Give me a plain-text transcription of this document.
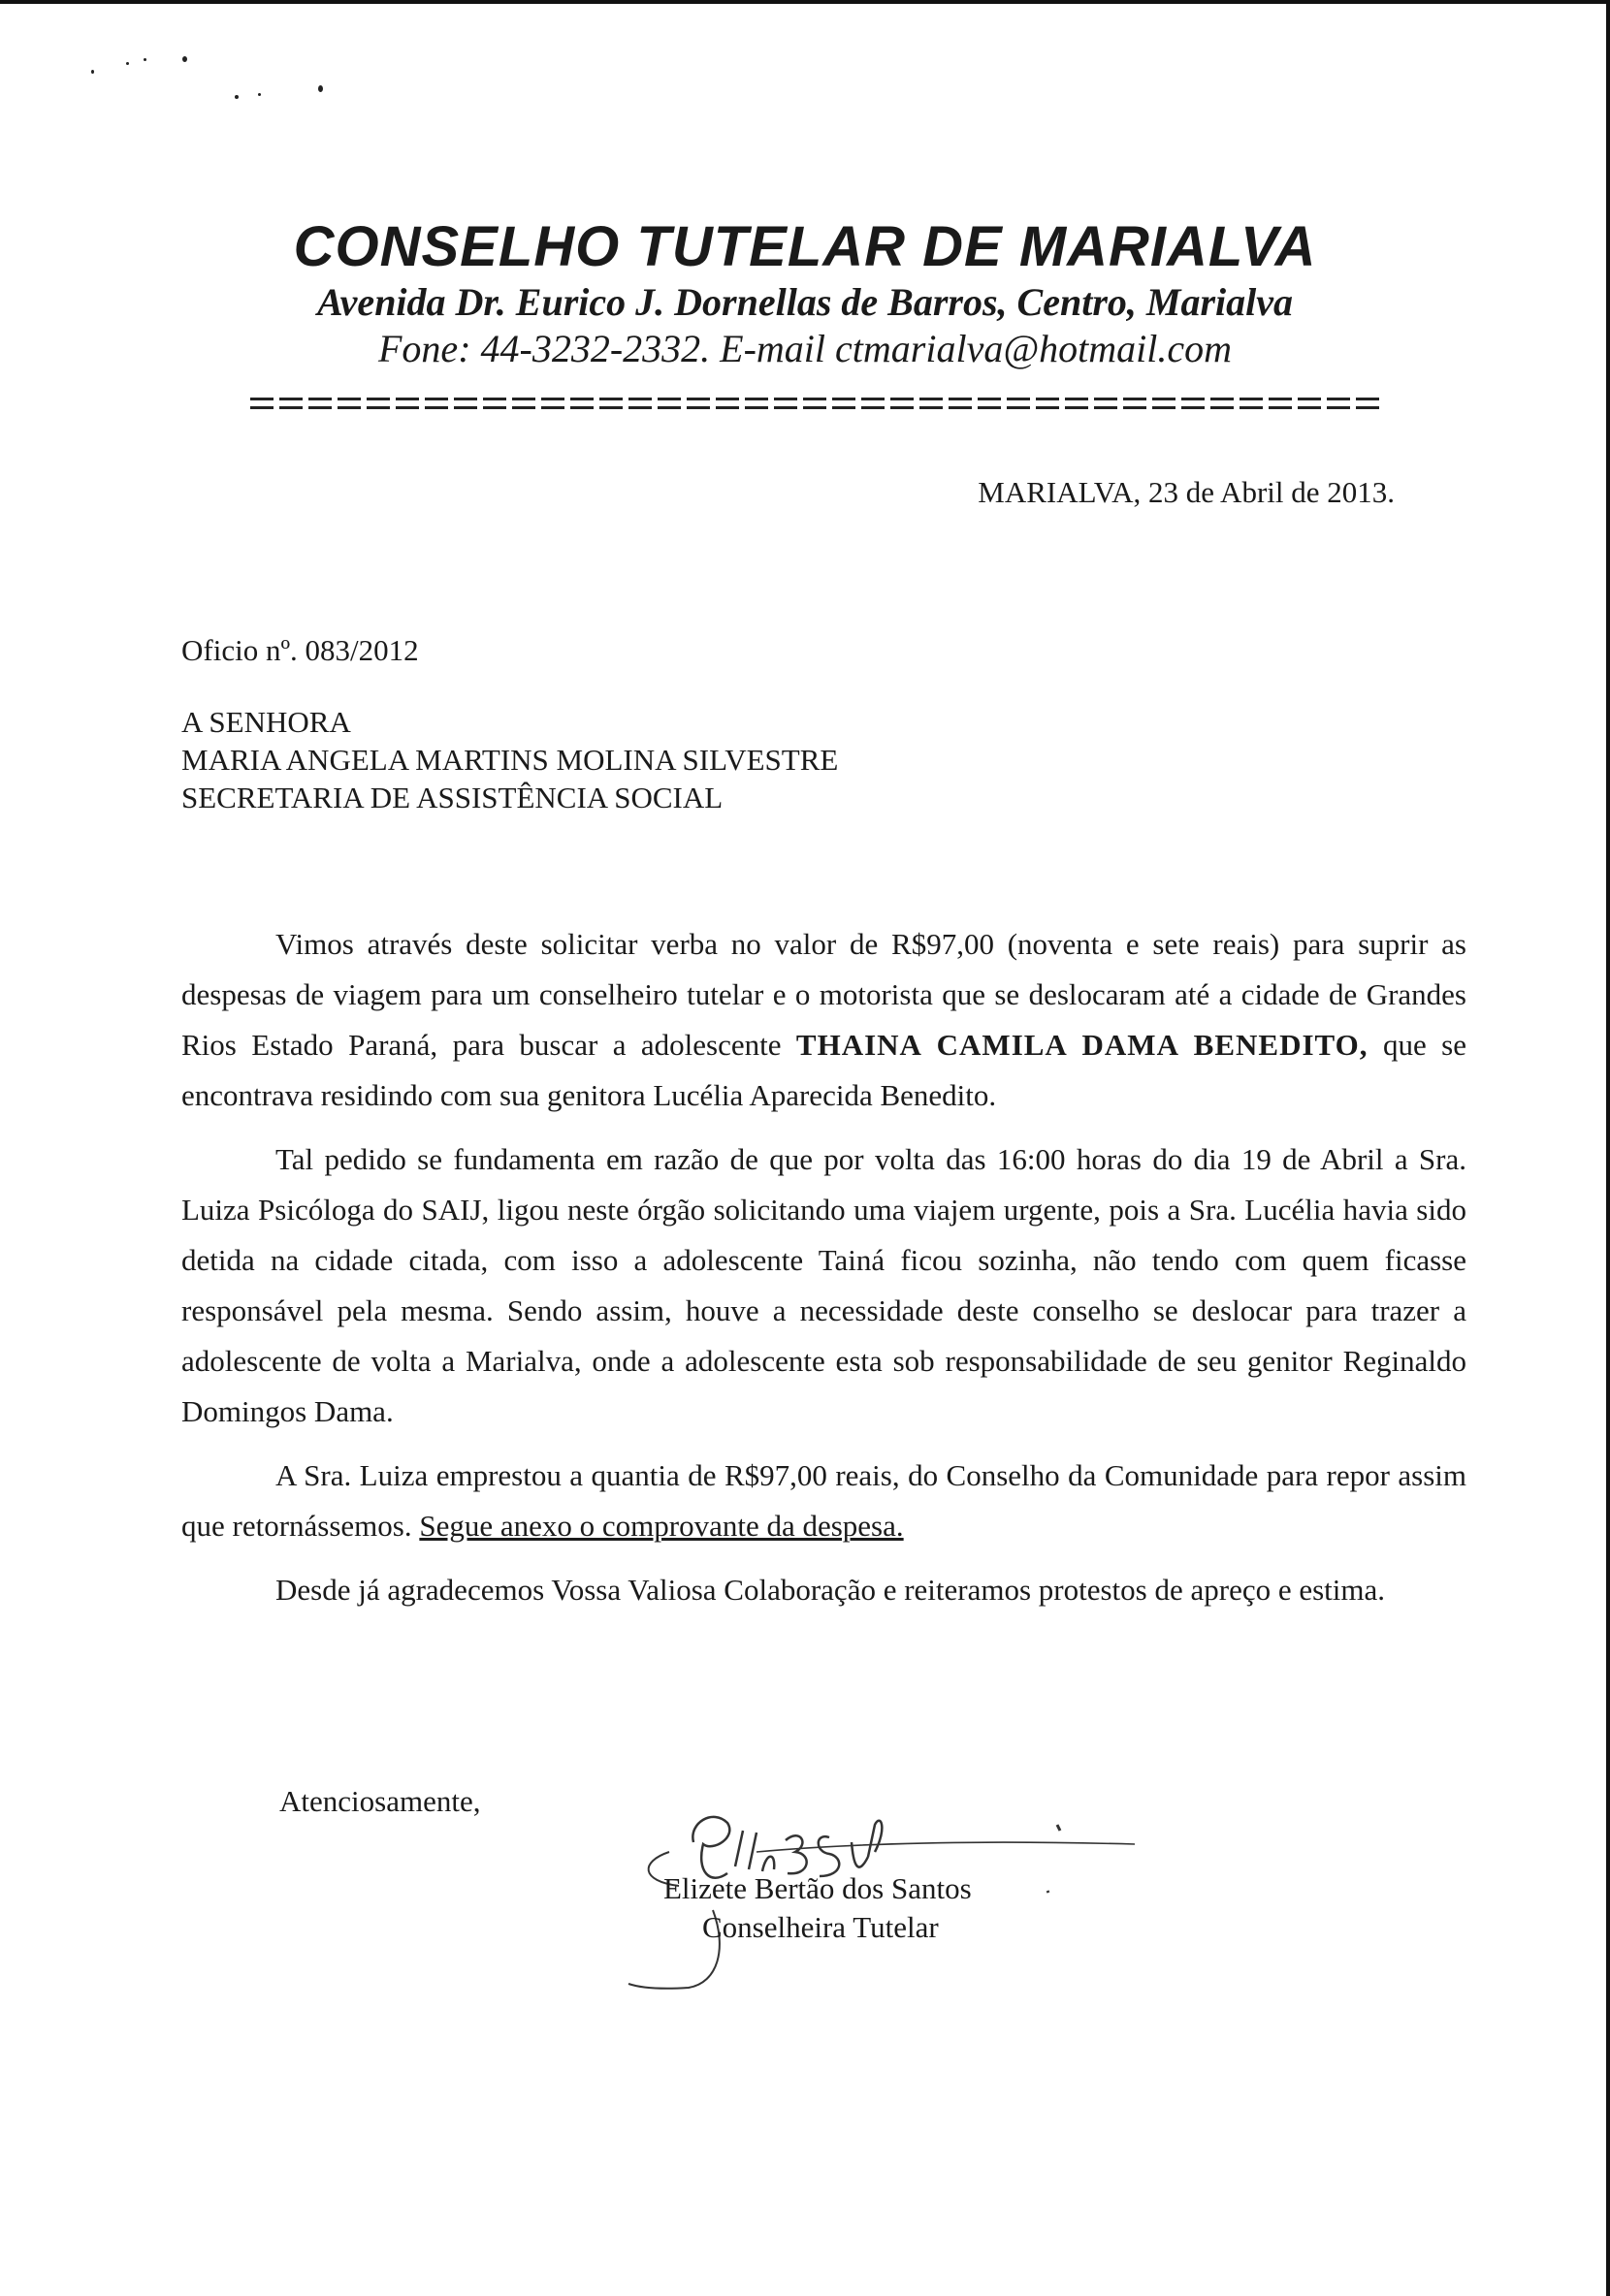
CONSELHO TUTELAR DE MARIALVA

Avenida Dr. Eurico J. Dornellas de Barros, Centro, Marialva

Fone: 44-3232-2332. E-mail ctmarialva@hotmail.com

MARIALVA, 23 de Abril de 2013.
Oficio nº. 083/2012
A SENHORA
MARIA ANGELA MARTINS MOLINA SILVESTRE
SECRETARIA DE ASSISTÊNCIA SOCIAL

Vimos através deste solicitar verba no valor de R$97,00 (noventa e sete reais) para suprir as despesas de viagem para um conselheiro tutelar e o motorista que se deslocaram até a cidade de Grandes Rios Estado Paraná, para buscar a adolescente THAINA CAMILA DAMA BENEDITO, que se encontrava residindo com sua genitora Lucélia Aparecida Benedito.

Tal pedido se fundamenta em razão de que por volta das 16:00 horas do dia 19 de Abril a Sra. Luiza Psicóloga do SAIJ, ligou neste órgão solicitando uma viajem urgente, pois a Sra. Lucélia havia sido detida na cidade citada, com isso a adolescente Tainá ficou sozinha, não tendo com quem ficasse responsável pela mesma. Sendo assim, houve a necessidade deste conselho se deslocar para trazer a adolescente de volta a Marialva, onde a adolescente esta sob responsabilidade de seu genitor Reginaldo Domingos Dama.

A Sra. Luiza emprestou a quantia de R$97,00 reais, do Conselho da Comunidade para repor assim que retornássemos. Segue anexo o comprovante da despesa.

Desde já agradecemos Vossa Valiosa Colaboração e reiteramos protestos de apreço e estima.

Atenciosamente,
Elizete Bertão dos Santos
Conselheira Tutelar
